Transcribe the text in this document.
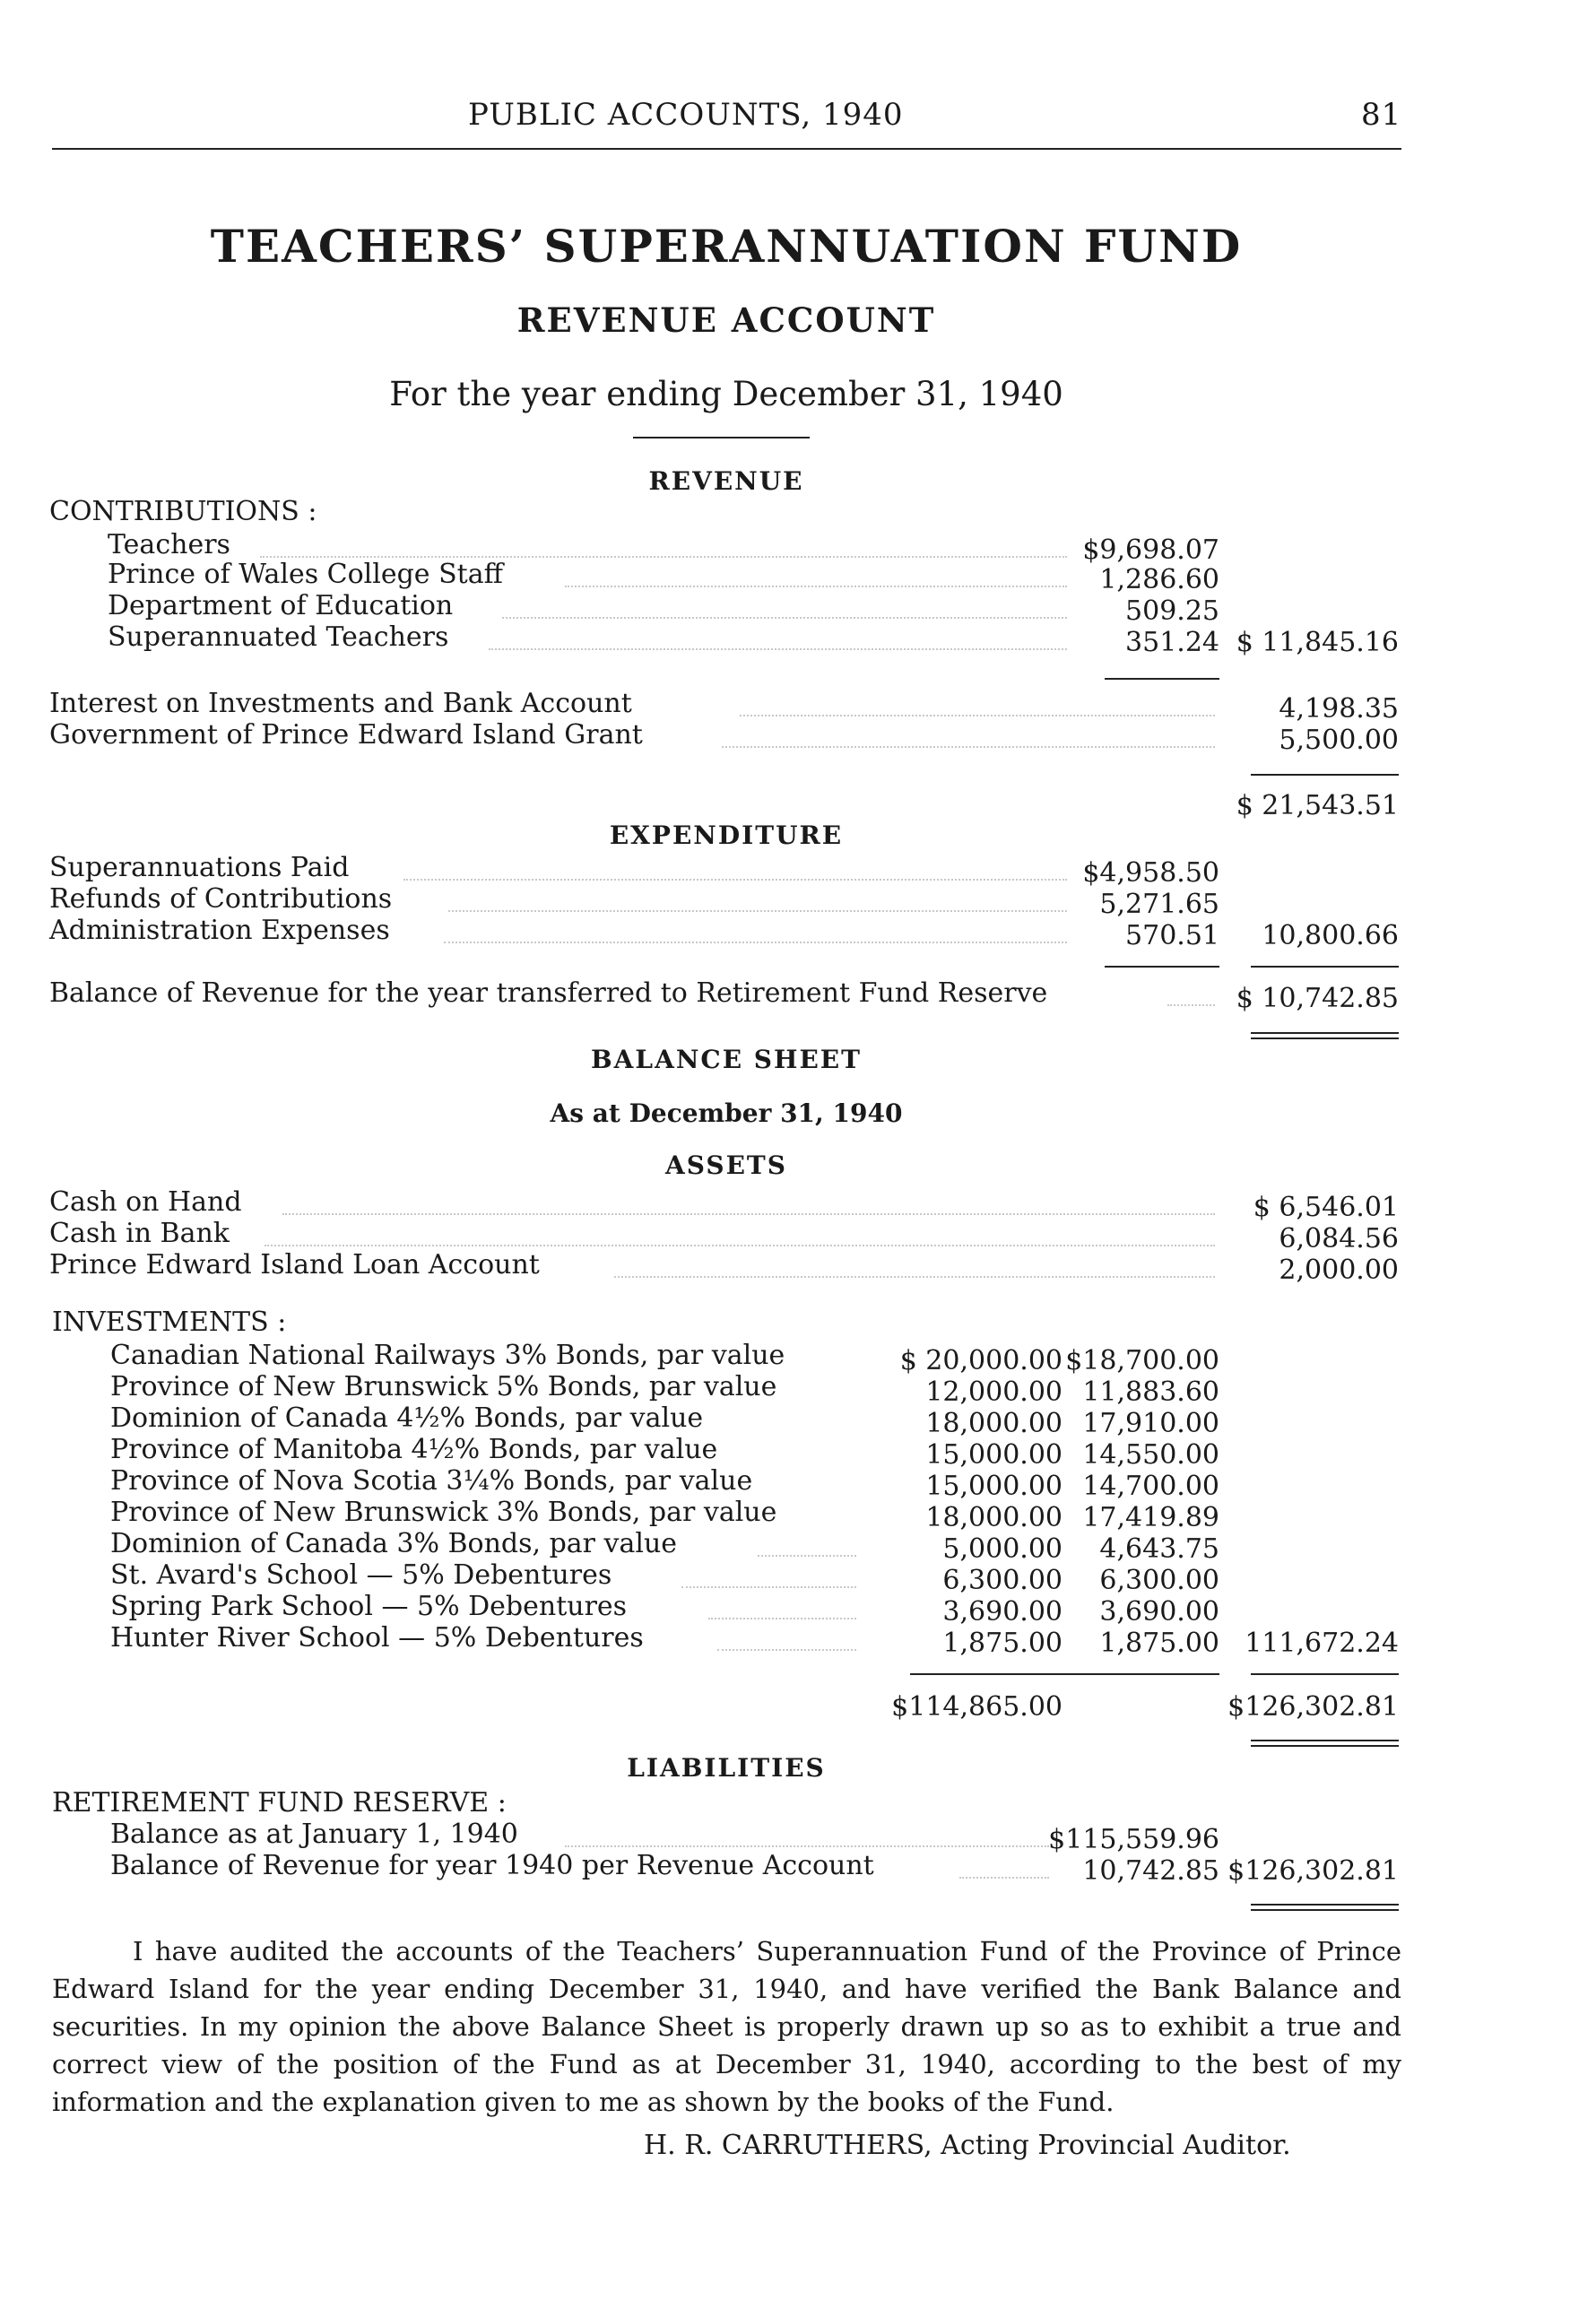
PUBLIC ACCOUNTS, 1940	81
TEACHERS’ SUPERANNUATION FUND
REVENUE ACCOUNT
For the year ending December 31, 1940
REVENUE
CONTRIBUTIONS :
Teachers	$9,698.07
Prince of Wales College Staff	1,286.60
Department of Education	509.25
Superannuated Teachers	351.24 $ 11,845.16
Interest on Investments and Bank Account	4,198.35
Government of Prince Edward Island Grant	5,500.00
$ 21,543.51
EXPENDITURE
Superannuations Paid	$4,958.50
Refunds of Contributions	5,271.65
Administration Expenses	570.51	10,800.66
Balance of Revenue for the year transferred to Retirement Fund Reserve	$ 10,742.85
BALANCE SHEET
As at December 31, 1940
ASSETS
Cash on Hand	$ 6,546.01
Cash in Bank	6,084.56
Prince Edward Island Loan Account	2,000.00
INVESTMENTS :
Canadian National Railways 3% Bonds, par value	$ 20,000.00 $18,700.00
Province of New Brunswick 5% Bonds, par value	12,000.00 11,883.60
Dominion of Canada 4½% Bonds, par value	18,000.00 17,910.00
Province of Manitoba 4½% Bonds, par value	15,000.00 14,550.00
Province of Nova Scotia 3¼% Bonds, par value	15,000.00 14,700.00
Province of New Brunswick 3% Bonds, par value	18,000.00 17,419.89
Dominion of Canada 3% Bonds, par value	5,000.00	4,643.75
St. Avard's School — 5% Debentures	6,300.00	6,300.00
Spring Park School — 5% Debentures	3,690.00	3,690.00
Hunter River School — 5% Debentures	1,875.00	1,875.00 111,672.24
$114,865.00	$126,302.81
LIABILITIES
RETIREMENT FUND RESERVE :
Balance as at January 1, 1940	$115,559.96
Balance of Revenue for year 1940 per Revenue Account	10,742.85 $126,302.81
I have audited the accounts of the Teachers’ Superannuation Fund of the Province of Prince Edward Island for the year ending December 31, 1940, and have verified the Bank Balance and securities. In my opinion the above Balance Sheet is properly drawn up so as to exhibit a true and correct view of the position of the Fund as at December 31, 1940, according to the best of my information and the explanation given to me as shown by the books of the Fund.
H. R. CARRUTHERS, Acting Provincial Auditor.
